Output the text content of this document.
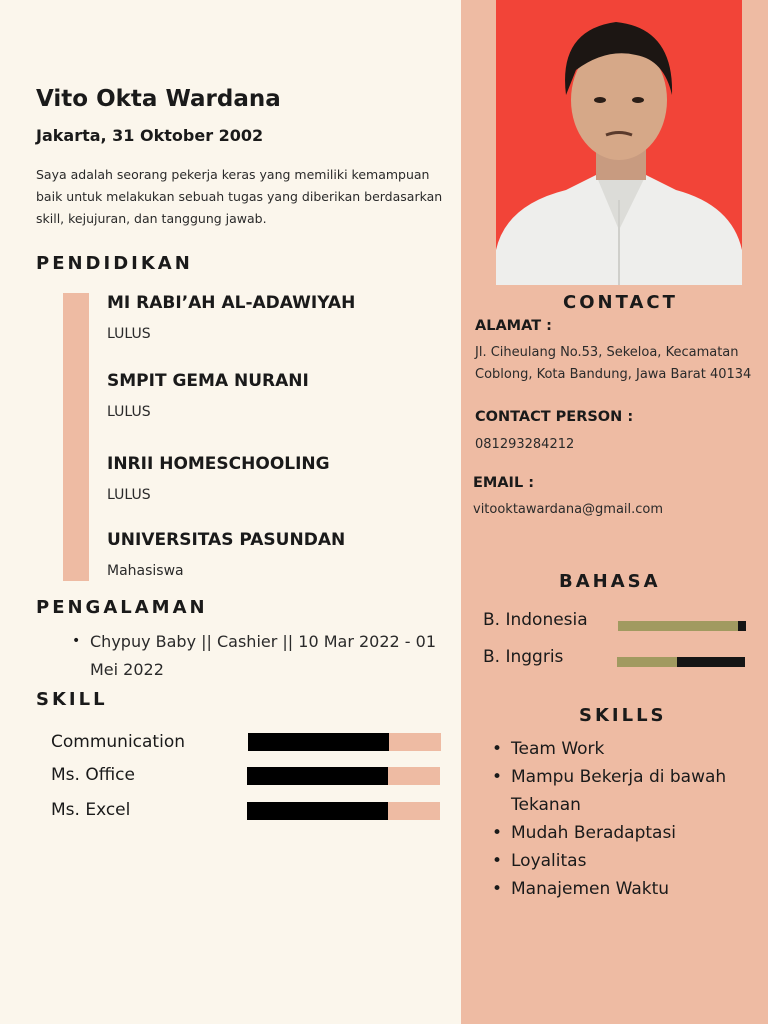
Vito Okta Wardana
Jakarta, 31 Oktober 2002
Saya adalah seorang pekerja keras yang memiliki kemampuan baik untuk melakukan sebuah tugas yang diberikan berdasarkan skill, kejujuran, dan tanggung jawab.
PENDIDIKAN
MI RABI’AH AL-ADAWIYAH
LULUS
SMPIT GEMA NURANI
LULUS
INRII HOMESCHOOLING
LULUS
UNIVERSITAS PASUNDAN
Mahasiswa
PENGALAMAN
• Chypuy Baby || Cashier || 10 Mar 2022 - 01 Mei 2022
SKILL
Communication
Ms. Office
Ms. Excel
CONTACT
ALAMAT :
Jl. Ciheulang No.53, Sekeloa, Kecamatan Coblong, Kota Bandung, Jawa Barat 40134
CONTACT PERSON :
081293284212
EMAIL :
vitooktawardana@gmail.com
BAHASA
B. Indonesia
B. Inggris
SKILLS
• Team Work
• Mampu Bekerja di bawah Tekanan
• Mudah Beradaptasi
• Loyalitas
• Manajemen Waktu
